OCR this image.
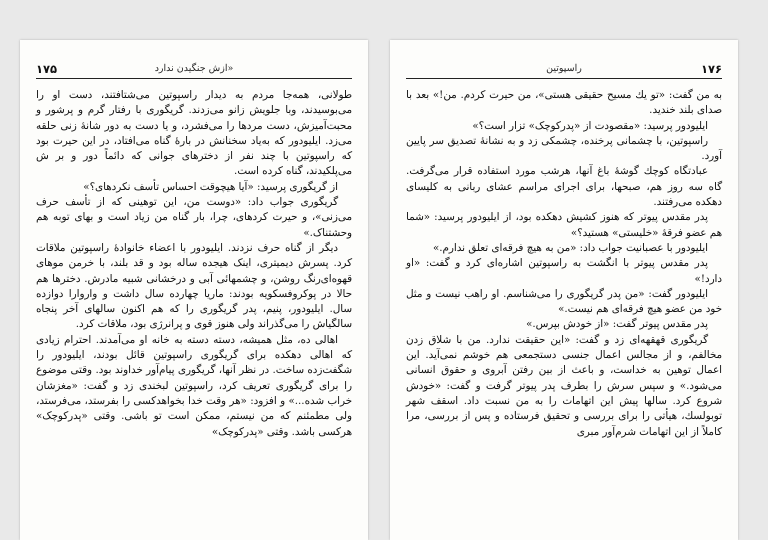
۱۷۵	«ازش جنگیدن ندارد

طولانی، همه‌جا مردم به دیدار راسپوتین می‌شتافتند، دست او را می‌بوسیدند، وبا جلویش زانو می‌زدند. گریگوری با رفتار گرم و پرشور و محبت‌آمیزش، دست مردها را می‌فشرد، و یا دست به دور شانهٔ زنی حلقه می‌زد. ایلیودور که به‌یاد سخنانش در بارهٔ گناه می‌افتاد، در این حیرت بود که راسپوتین با چند نفر از دخترهای جوانی که دائماً دور و بر ش می‌پلکیدند، گناه کرده است.

از گریگوری پرسید: «آیا هیچوقت احساس تأسف نکردهای؟»

گریگوری جواب داد: «دوست من، این توهینی که از تأسف حرف می‌زنی»، و حیرت کردهای، چرا، بار گناه من زیاد است و بهای توبه هم وحشتناک.»

دیگر از گناه حرف نزدند. ایلیودور با اعضاء خانوادهٔ راسپوتین ملاقات کرد. پسرش دیمیتری، اینک هیجده ساله بود و قد بلند، با خرمن موهای قهوه‌ای‌رنگ روشن، و چشمهائی آبی و درخشانی شبیه مادرش. دخترها هم حالا در پوکروفسکویه بودند: ماریا چهارده سال داشت و واروارا دوازده سال. ایلیودور، پنیم، پدر گریگوری را که هم اکنون سالهای آخر پنجاه سالگیاش را می‌گذراند ولی هنوز قوی و پرانرژی بود، ملاقات کرد.

اهالی ده، مثل همیشه، دسته دسته به خانه او می‌آمدند. احترام زیادی که اهالی دهکده برای گریگوری راسپوتین قائل بودند، ایلیودور را شگفت‌زده ساخت. در نظر آنها، گریگوری پیام‌آور خداوند بود. وقتی موضوع را برای گریگوری تعریف کرد، راسپوتین لبخندی زد و گفت: «مغزشان خراب شده...» و افزود: «هر وقت خدا بخواهدکسی را بفرستد، می‌فرستد، ولی مطمئنم که من نیستم، ممکن است تو باشی. وقتی «پدرکوچک» هرکسی باشد. وقتی «پدرکوچک»

۱۷۶
راسپوتین

به من گفت: «تو یك مسیح حقیقی هستی»، من حیرت کردم. من!» بعد با صدای بلند خندید.

ایلیودور پرسید: «مقصودت از «پدرکوچک» تزار است؟»

راسپوتین، با چشمانی پرخنده، چشمکی زد و به نشانهٔ تصدیق سر پایین آورد.

عبادتگاه کوچك گوشهٔ باغ آنها، هرشب مورد استفاده قرار می‌گرفت. گاه سه روز هم، صبحها، برای اجرای مراسم عشای ربانی به کلیسای دهکده می‌رفتند.

پدر مقدس پیوتر که هنوز کشیش دهکده بود، از ایلیودور پرسید: «شما هم عضو فرقهٔ «خلیستی» هستید؟»

ایلیودور با عصبانیت جواب داد: «من به هیچ فرقه‌ای تعلق ندارم.»

پدر مقدس پیوتر با انگشت به راسپوتین اشاره‌ای کرد و گفت: «او دارد!»

ایلیودور گفت: «من پدر گریگوری را می‌شناسم. او راهب نیست و مثل خود من عضو هیچ فرقه‌ای هم نیست.»

پدر مقدس پیوتر گفت: «از خودش بپرس.»

گریگوری قهقهه‌ای زد و گفت: «این حقیقت ندارد. من با شلاق زدن مخالفم، و از مجالس اعمال جنسی دستجمعی هم خوشم نمی‌آید. این اعمال توهین به خداست، و باعث از بین رفتن آبروی و حقوق انسانی می‌شود.» و سپس سرش را بطرف پدر پیوتر گرفت و گفت: «خودش شروع کرد. سالها پیش این اتهامات را به من نسبت داد. اسقف شهر توبولسك، هیأتی را برای بررسی و تحقیق فرستاده و پس از بررسی، مرا کاملاً از این اتهامات شرم‌آور مبری
